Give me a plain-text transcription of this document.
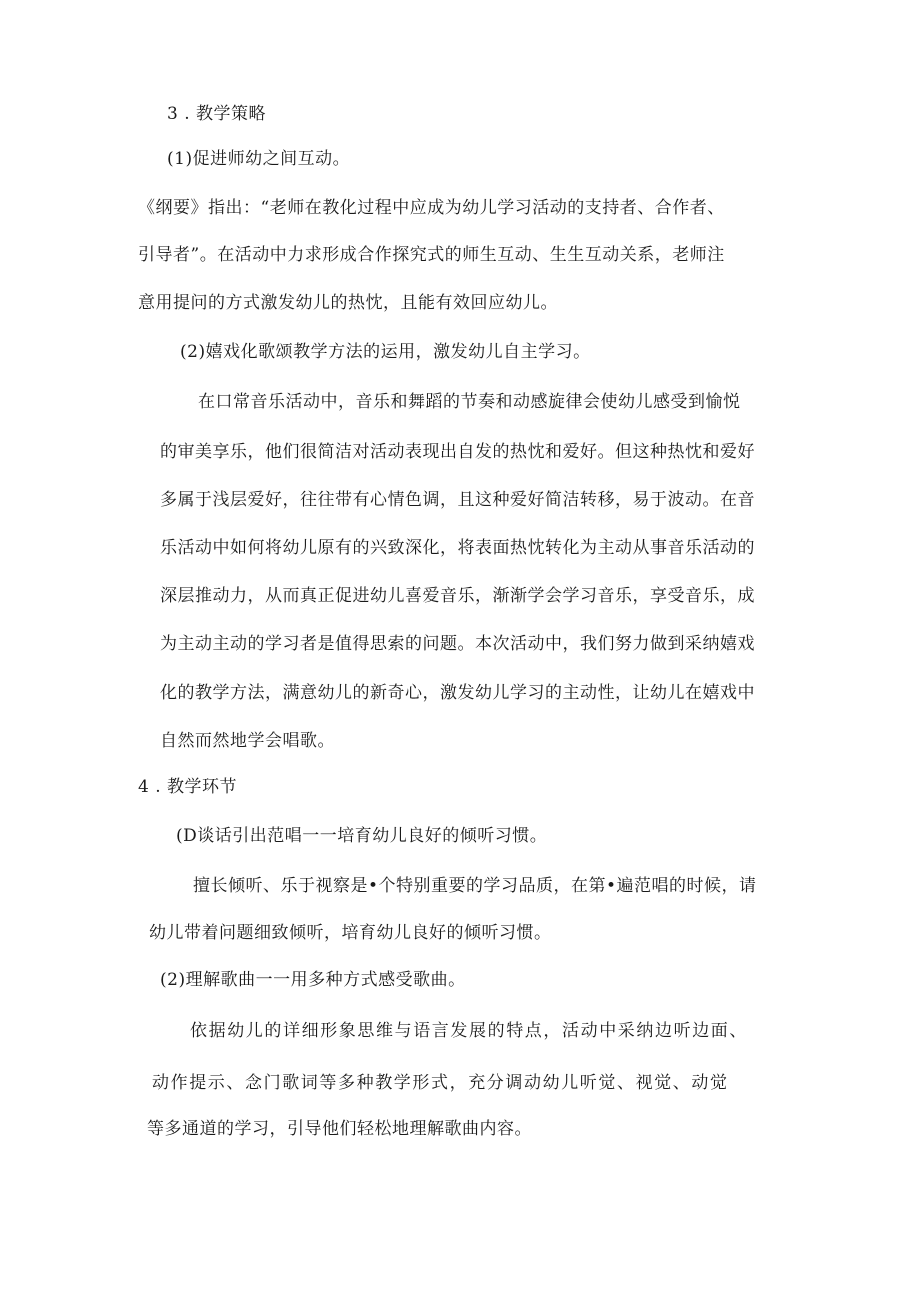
3 . 教学策略
(1)促进师幼之间互动。
《纲要》指出：“老师在教化过程中应成为幼儿学习活动的支持者、合作者、
引导者”。在活动中力求形成合作探究式的师生互动、生生互动关系，老师注
意用提问的方式激发幼儿的热忱，且能有效回应幼儿。
(2)嬉戏化歌颂教学方法的运用，激发幼儿自主学习。
在口常音乐活动中，音乐和舞蹈的节奏和动感旋律会使幼儿感受到愉悦
的审美享乐，他们很简洁对活动表现出自发的热忱和爱好。但这种热忱和爱好
多属于浅层爱好，往往带有心情色调，且这种爱好简洁转移，易于波动。在音
乐活动中如何将幼儿原有的兴致深化，将表面热忱转化为主动从事音乐活动的
深层推动力，从而真正促进幼儿喜爱音乐，渐渐学会学习音乐，享受音乐，成
为主动主动的学习者是值得思索的问题。本次活动中，我们努力做到采纳嬉戏
化的教学方法，满意幼儿的新奇心，激发幼儿学习的主动性，让幼儿在嬉戏中
自然而然地学会唱歌。
4 . 教学环节
(D谈话引出范唱一一培育幼儿良好的倾听习惯。
擅长倾听、乐于视察是•个特别重要的学习品质，在第•遍范唱的时候，请
幼儿带着问题细致倾听，培育幼儿良好的倾听习惯。
(2)理解歌曲一一用多种方式感受歌曲。
依据幼儿的详细形象思维与语言发展的特点，活动中采纳边听边面、
动作提示、念门歌词等多种教学形式，充分调动幼儿听觉、视觉、动觉
等多通道的学习，引导他们轻松地理解歌曲内容。
